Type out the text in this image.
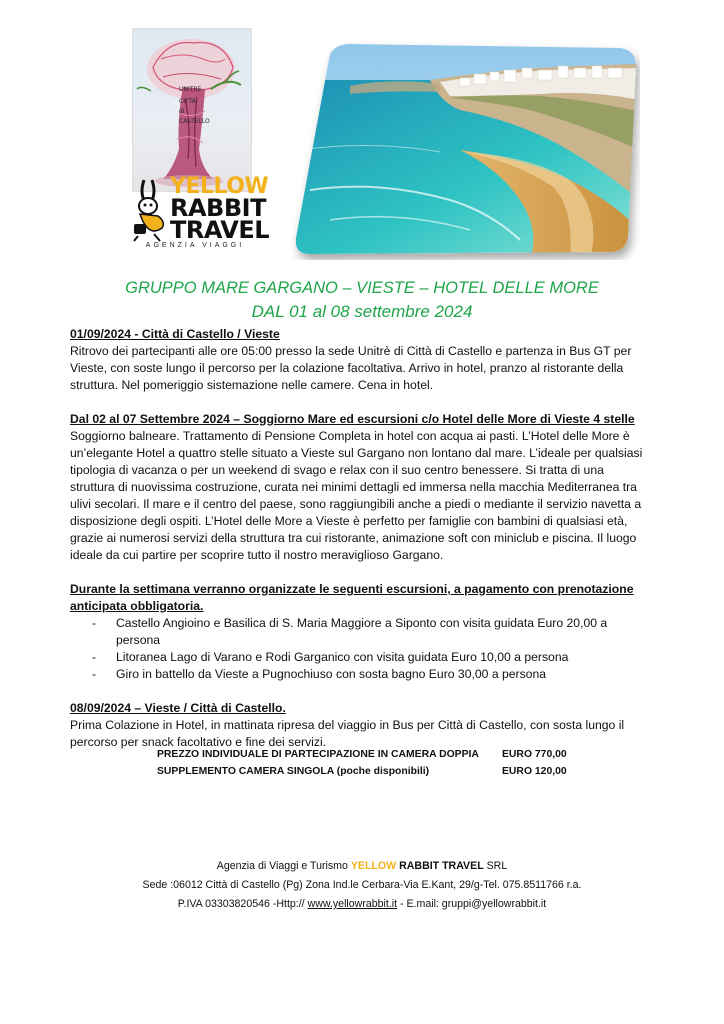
UNITRE
CITTÀ
di
CASTELLO
YELLOW
RABBIT
TRAVEL
AGENZIA VIAGGI
GRUPPO MARE GARGANO – VIESTE – HOTEL DELLE MORE
DAL 01 al 08 settembre 2024

01/09/2024 - Città di Castello / Vieste

Ritrovo dei partecipanti alle ore 05:00 presso la sede Unitrè di Città di Castello e partenza in Bus GT per Vieste, con soste lungo il percorso per la colazione facoltativa. Arrivo in hotel, pranzo al ristorante della struttura. Nel pomeriggio sistemazione nelle camere. Cena in hotel.

Dal 02 al 07 Settembre 2024 – Soggiorno Mare ed escursioni c/o Hotel delle More di Vieste 4 stelle

Soggiorno balneare. Trattamento di Pensione Completa in hotel con acqua ai pasti. L’Hotel delle More è un’elegante Hotel a quattro stelle situato a Vieste sul Gargano non lontano dal mare. L’ideale per qualsiasi tipologia di vacanza o per un weekend di svago e relax con il suo centro benessere. Si tratta di una struttura di nuovissima costruzione, curata nei minimi dettagli ed immersa nella macchia Mediterranea tra ulivi secolari. Il mare e il centro del paese, sono raggiungibili anche a piedi o mediante il servizio navetta a disposizione degli ospiti. L’Hotel delle More a Vieste è perfetto per famiglie con bambini di qualsiasi età, grazie ai numerosi servizi della struttura tra cui ristorante, animazione soft con miniclub e piscina. Il luogo ideale da cui partire per scoprire tutto il nostro meraviglioso Gargano.

Durante la settimana verranno organizzate le seguenti escursioni, a pagamento con prenotazione anticipata obbligatoria.

- Castello Angioino e Basilica di S. Maria Maggiore a Siponto con visita guidata Euro 20,00 a persona
- Litoranea Lago di Varano e Rodi Garganico con visita guidata Euro 10,00 a persona
- Giro in battello da Vieste a Pugnochiuso con sosta bagno Euro 30,00 a persona

08/09/2024 – Vieste / Città di Castello.

Prima Colazione in Hotel, in mattinata ripresa del viaggio in Bus per Città di Castello, con sosta lungo il percorso per snack facoltativo e fine dei servizi.

PREZZO INDIVIDUALE DI PARTECIPAZIONE IN CAMERA DOPPIA EURO 770,00
SUPPLEMENTO CAMERA SINGOLA (poche disponibili)	EURO 120,00
Agenzia di Viaggi e Turismo YELLOW RABBIT TRAVEL SRL
Sede :06012 Città di Castello (Pg) Zona Ind.le Cerbara-Via E.Kant, 29/g-Tel. 075.8511766 r.a.
P.IVA 03303820546 -Http:// www.yellowrabbit.it - E.mail: gruppi@yellowrabbit.it
